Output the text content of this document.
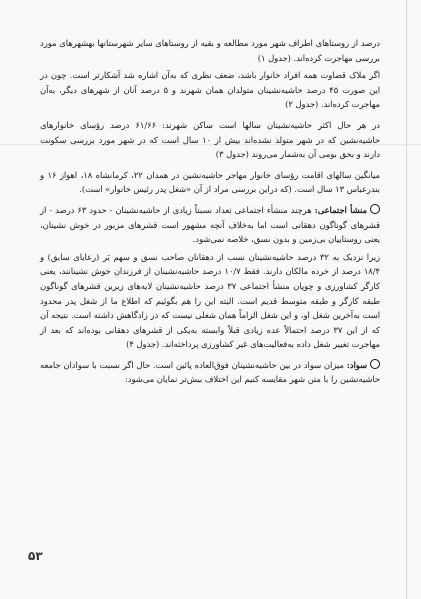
درصد از روستاهای اطراف شهر مورد مطالعه و بقیه از روستاهای سایر شهرستانها بهشهرهای مورد بررسی مهاجرت کرده‌اند. (جدول ۱)

اگر ملاک قضاوت همه افراد خانوار باشد، ضعف نظری که به‌آن اشاره شد آشکارتر است. چون در این صورت ۴۵ درصد حاشیه‌نشینان متولدان همان شهرند و ۵ درصد آنان از شهرهای دیگر، به‌آن مهاجرت کرده‌اند. (جدول ۲)

در هر حال اکثر حاشیه‌نشینان سالها است ساکن شهرند: ۶۱/۶۶ درصد رؤسای خانوارهای حاشیه‌نشین که در شهر متولد نشده‌اند بیش از ۱۰ سال است که در شهر مورد بررسی سکونت دارند و بحق بومی آن به‌شمار می‌روند (جدول ۳)

میانگین سالهای اقامت رؤسای خانوار مهاجر حاشیه‌نشین در همدان ۲۲، کرمانشاه ۱۸، اهواز ۱۶ و بندرعباس ۱۳ سال است. (که دراین بررسی مراد از آن «شغل پدر رئیس خانوار» است).

منشأ اجتماعی: هرچند منشأء اجتماعی تعداد نسبتاً زیادی از حاشیه‌نشینان - حدود ۶۳ درصد - از قشرهای گوناگون دهقانی است اما به‌خلاف آنچه مشهور است قشرهای مزبور در خوش نشینان، یعنی روستاییان بی‌زمین و بدون نسق، خلاصه نمی‌شود.

زیرا نزدیک به ۳۲ درصد حاشیه‌نشینان نسب از دهقانان صاحب نسق و سهم بَر (رعایای سابق) و ۱۸/۴ درصد از خرده مالکان دارند. فقط ۱۰/۷ درصد حاشیه‌نشینان از فرزندان خوش نشینانند، یعنی کارگر کشاورزی و چوپان منشأ اجتماعی ۳۷ درصد حاشیه‌نشینان لایه‌های زیرین قشرهای گوناگون طبقه کارگر و طبقه متوسط قدیم است. البته این را هم بگوئیم که اطلاع ما از شغل پدر محدود است به‌آخرین شغل او، و این شغل الزاماً همان شغلی نیست که در زادگاهش داشته است. نتیجه آن که از این ۳۷ درصد احتمالاً عده زیادی قبلاً وابسته به‌یکی از قشرهای دهقانی بوده‌اند که بعد از مهاجرت تغییر شغل داده به‌فعالیت‌های غیر کشاورزی پرداخته‌اند. (جدول ۴)

سواد: میزان سواد در بین حاشیه‌نشینان فوق‌العاده پائین است. حال اگر نسبت با سوادان جامعه حاشیه‌نشین را با متن شهر مقایسه کنیم این اختلاف بیش‌تر نمایان می‌شود:

۵۳
